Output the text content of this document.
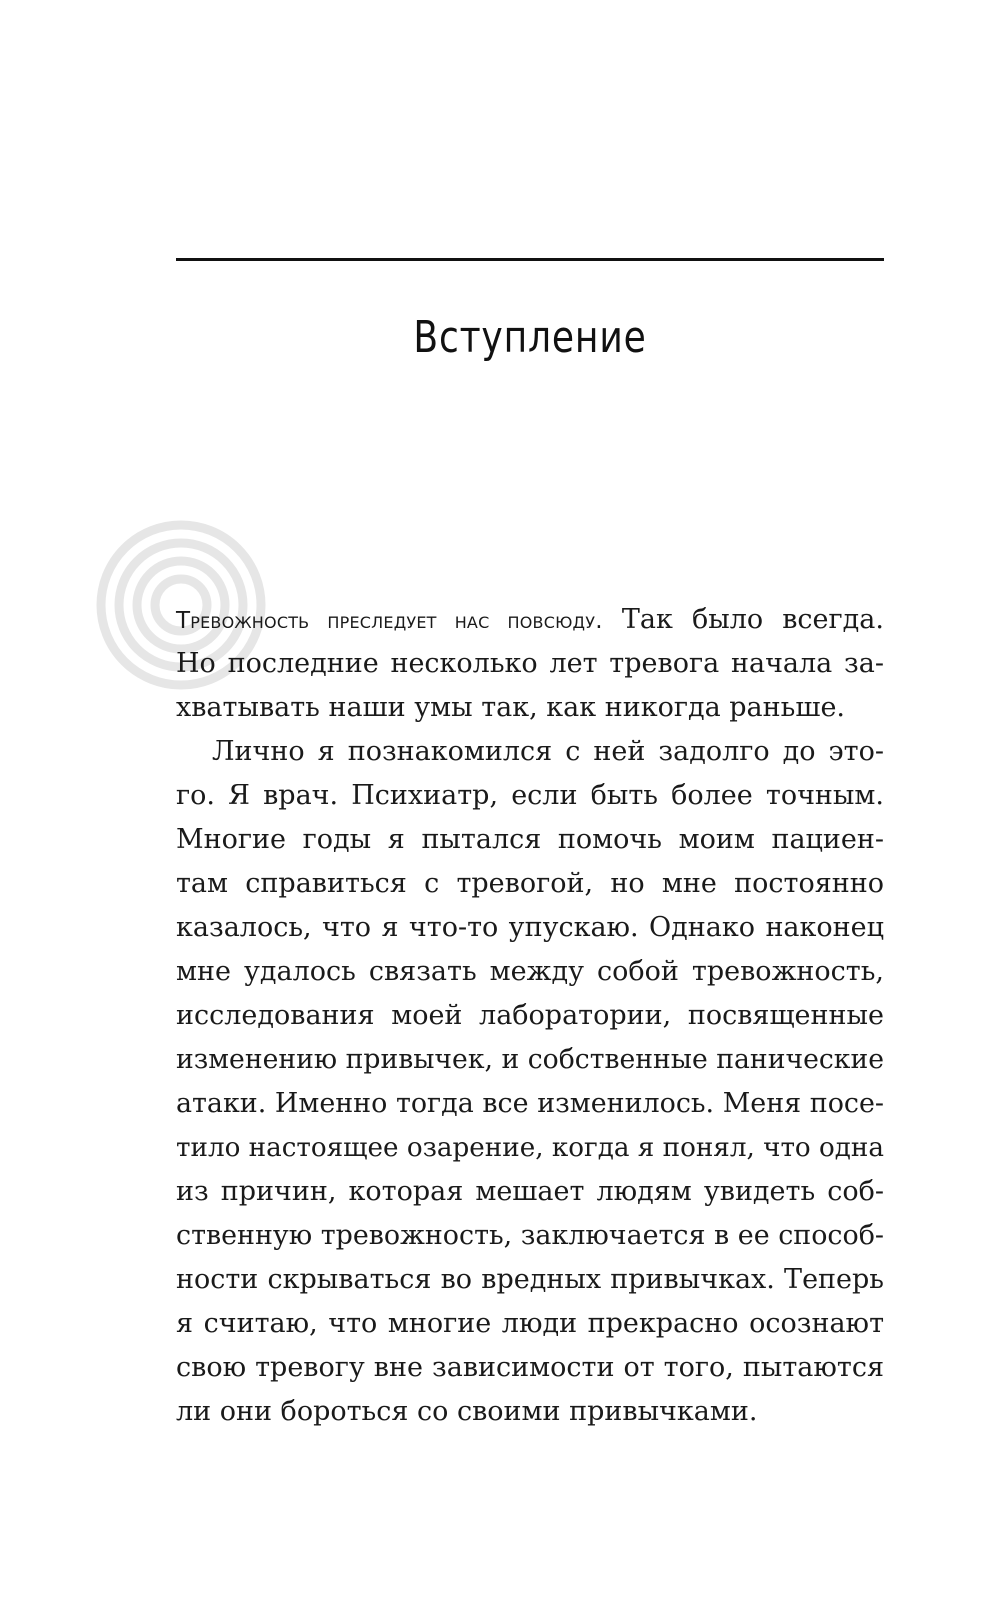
Вступление
Тревожность преследует нас повсюду. Так было всегда.
Но последние несколько лет тревога начала за-
хватывать наши умы так, как никогда раньше.
Лично я познакомился с ней задолго до это-
го. Я врач. Психиатр, если быть более точным.
Многие годы я пытался помочь моим пациен-
там справиться с тревогой, но мне постоянно
казалось, что я что-то упускаю. Однако наконец
мне удалось связать между собой тревожность,
исследования моей лаборатории, посвященные
изменению привычек, и собственные панические
атаки. Именно тогда все изменилось. Меня посе-
тило настоящее озарение, когда я понял, что одна
из причин, которая мешает людям увидеть соб-
ственную тревожность, заключается в ее способ-
ности скрываться во вредных привычках. Теперь
я считаю, что многие люди прекрасно осознают
свою тревогу вне зависимости от того, пытаются
ли они бороться со своими привычками.
